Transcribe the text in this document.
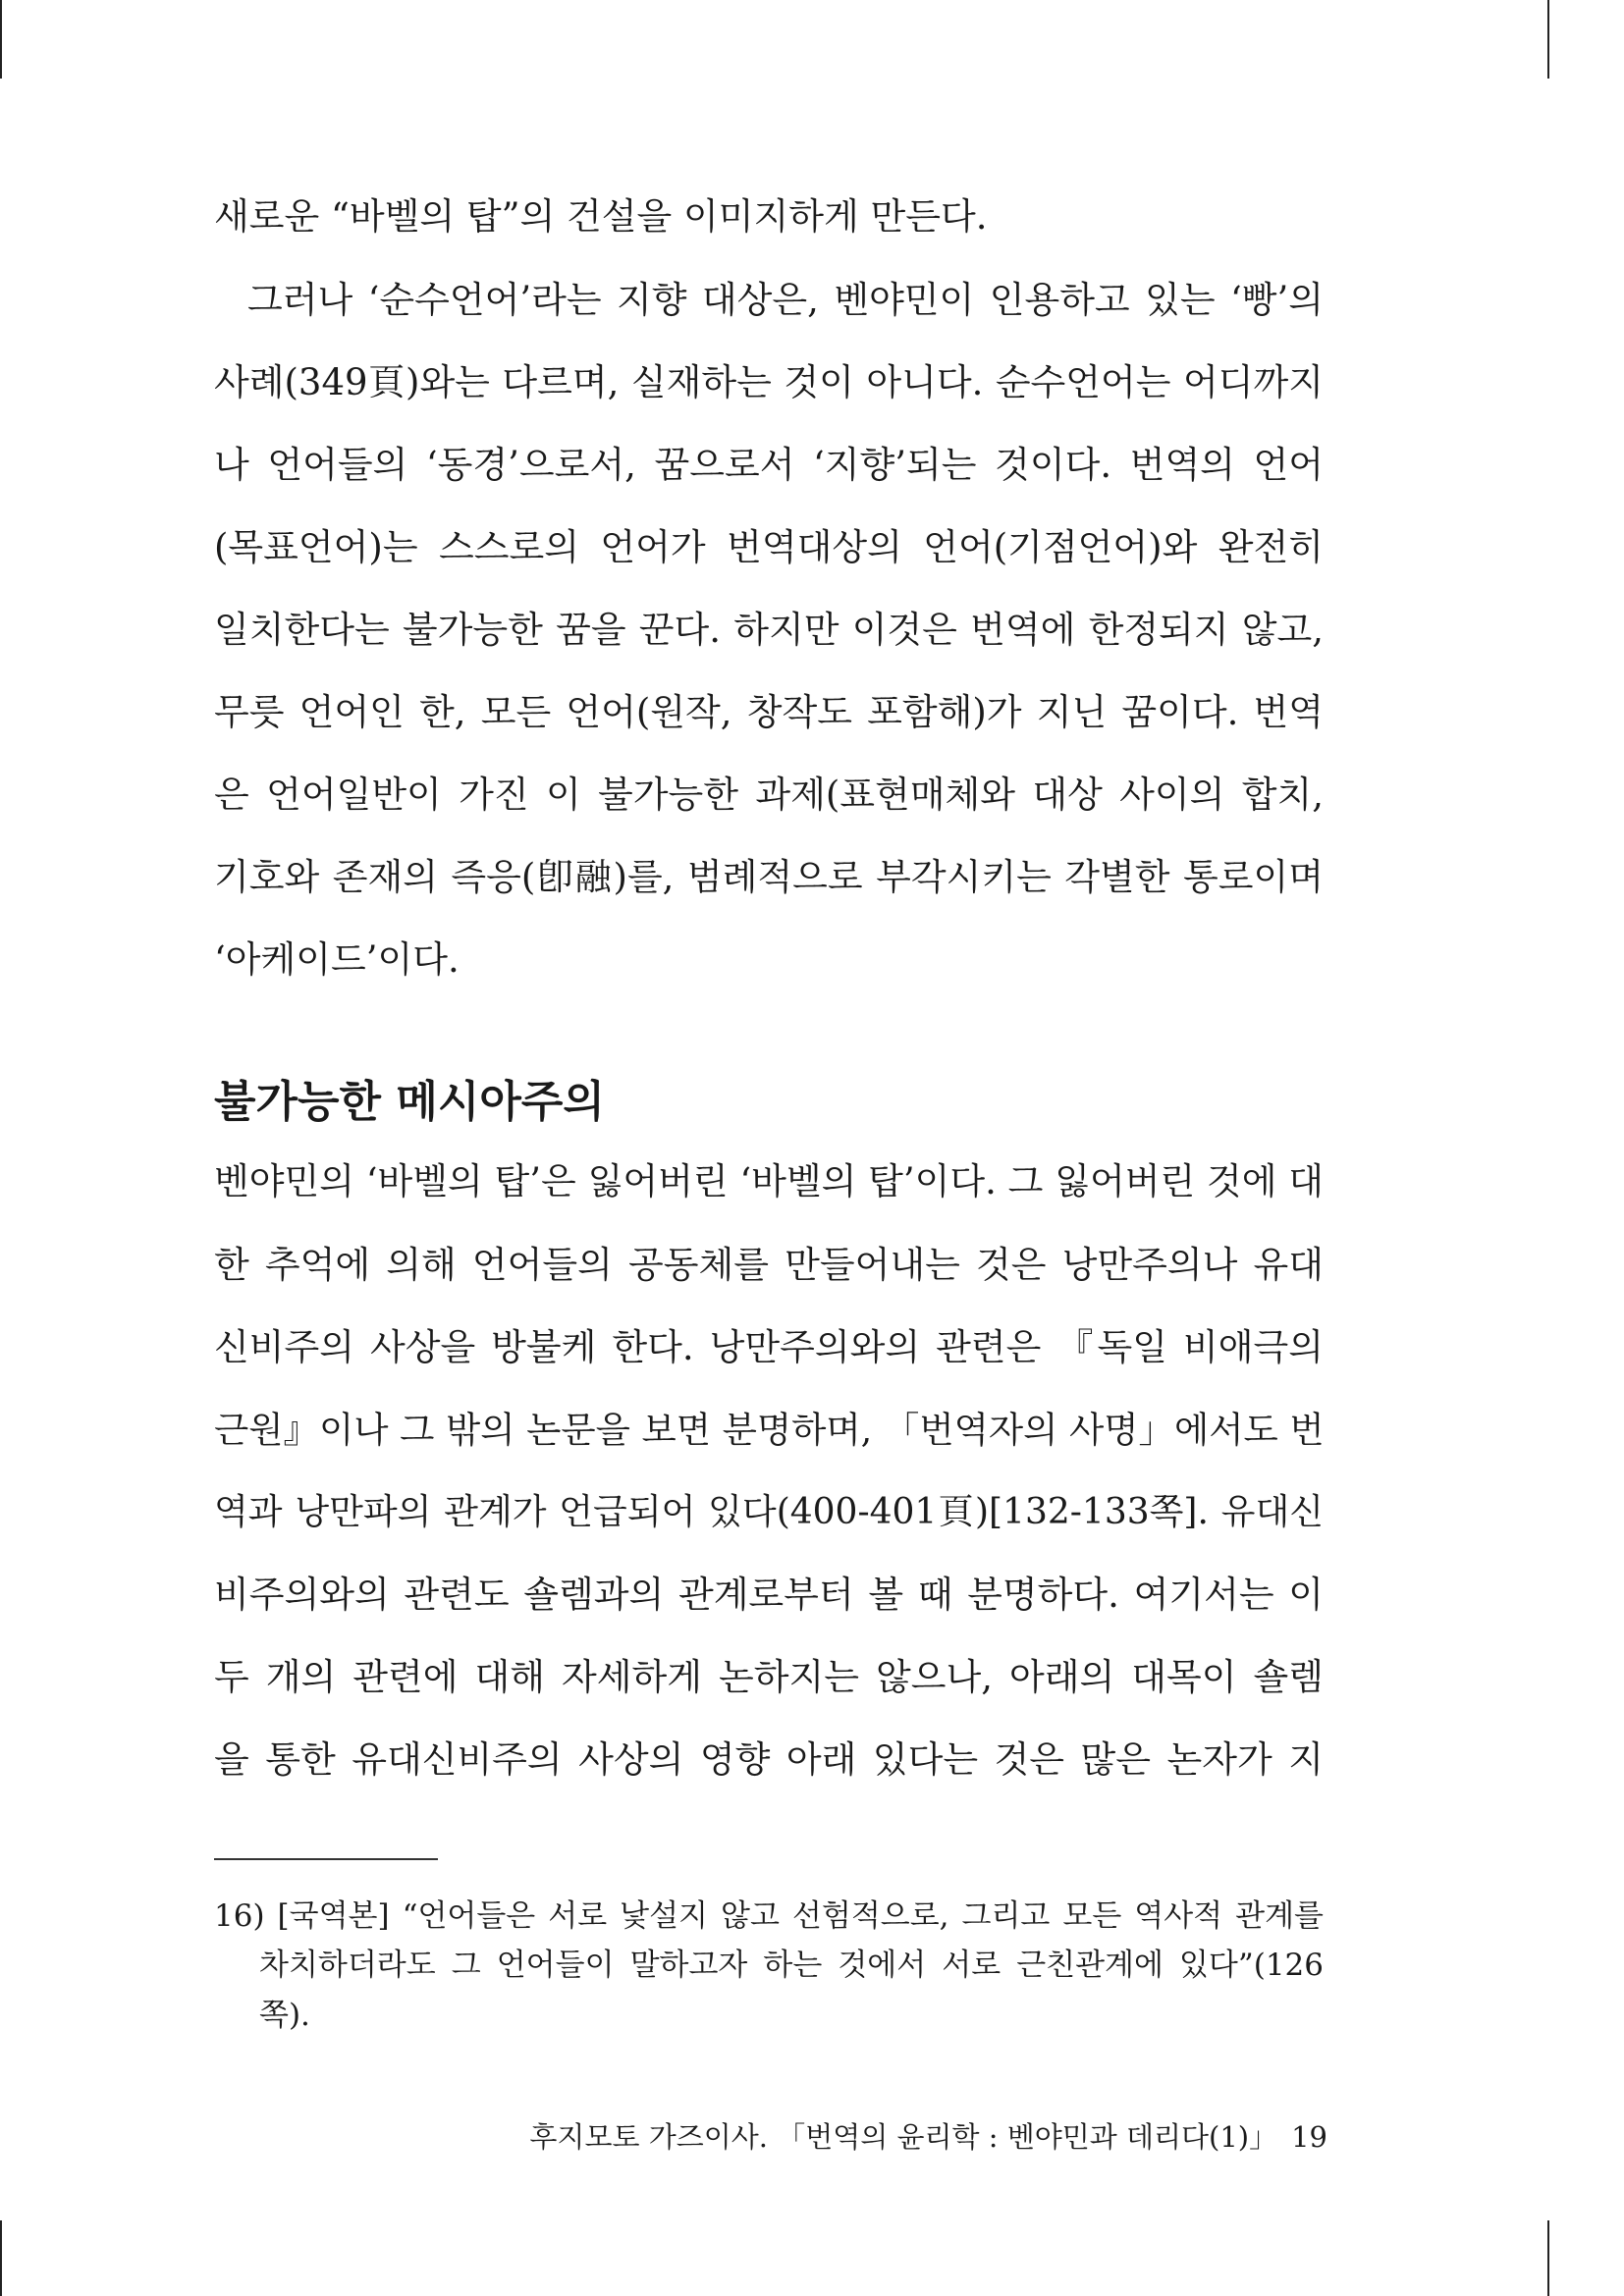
새로운 “바벨의 탑”의 건설을 이미지하게 만든다.
그러나 ‘순수언어’라는 지향 대상은, 벤야민이 인용하고 있는 ‘빵’의
사례(349頁)와는 다르며, 실재하는 것이 아니다. 순수언어는 어디까지
나 언어들의 ‘동경’으로서, 꿈으로서 ‘지향’되는 것이다. 번역의 언어
(목표언어)는 스스로의 언어가 번역대상의 언어(기점언어)와 완전히
일치한다는 불가능한 꿈을 꾼다. 하지만 이것은 번역에 한정되지 않고,
무릇 언어인 한, 모든 언어(원작, 창작도 포함해)가 지닌 꿈이다. 번역
은 언어일반이 가진 이 불가능한 과제(표현매체와 대상 사이의 합치,
기호와 존재의 즉응(卽融)를, 범례적으로 부각시키는 각별한 통로이며
‘아케이드’이다.
불가능한 메시아주의
벤야민의 ‘바벨의 탑’은 잃어버린 ‘바벨의 탑’이다. 그 잃어버린 것에 대
한 추억에 의해 언어들의 공동체를 만들어내는 것은 낭만주의나 유대
신비주의 사상을 방불케 한다. 낭만주의와의 관련은 『독일 비애극의
근원』이나 그 밖의 논문을 보면 분명하며, 「번역자의 사명」에서도 번
역과 낭만파의 관계가 언급되어 있다(400-401頁)[132-133쪽]. 유대신
비주의와의 관련도 숄렘과의 관계로부터 볼 때 분명하다. 여기서는 이
두 개의 관련에 대해 자세하게 논하지는 않으나, 아래의 대목이 숄렘
을 통한 유대신비주의 사상의 영향 아래 있다는 것은 많은 논자가 지
16) [국역본] “언어들은 서로 낯설지 않고 선험적으로, 그리고 모든 역사적 관계를
차치하더라도 그 언어들이 말하고자 하는 것에서 서로 근친관계에 있다”(126
쪽).
후지모토 가즈이사. 「번역의 윤리학 : 벤야민과 데리다(1)」 19
